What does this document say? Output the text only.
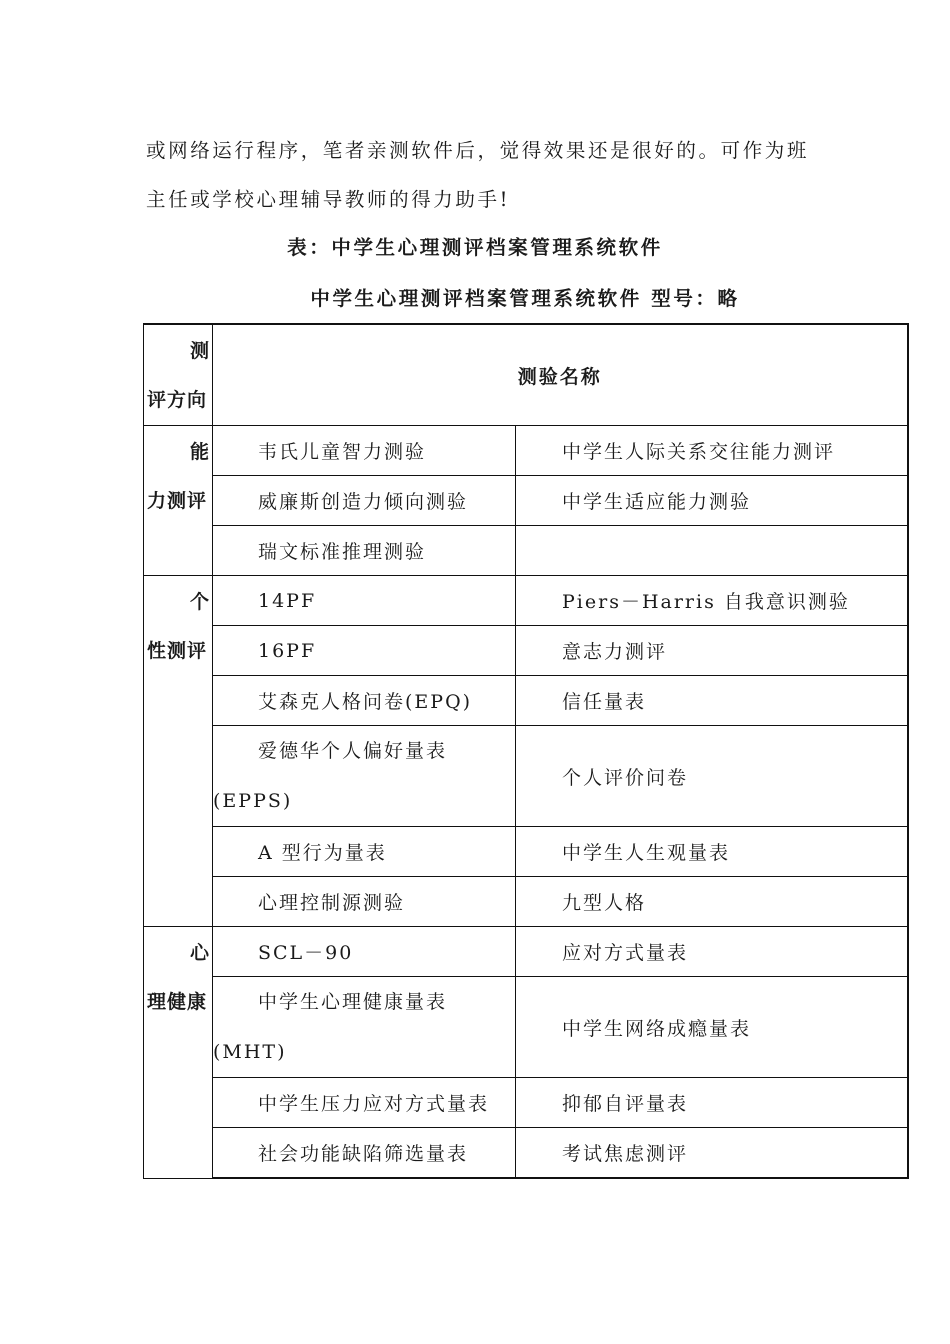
或网络运行程序，笔者亲测软件后，觉得效果还是很好的。可作为班
主任或学校心理辅导教师的得力助手!
表：中学生心理测评档案管理系统软件
中学生心理测评档案管理系统软件 型号：略
测
评方向	测验名称	

能
力测评	韦氏儿童智力测验	中学生人际关系交往能力测评
	威廉斯创造力倾向测验	中学生适应能力测验
	瑞文标准推理测验	

个
性测评	14PF	Piers－Harris 自我意识测验
	16PF	意志力测评
	艾森克人格问卷(EPQ)	信任量表

	爱德华个人偏好量表
(EPPS)	个人评价问卷
	A 型行为量表	中学生人生观量表
	心理控制源测验	九型人格

心
理健康	SCL－90	应对方式量表

	中学生心理健康量表
(MHT)	中学生网络成瘾量表
	中学生压力应对方式量表	抑郁自评量表
	社会功能缺陷筛选量表	考试焦虑测评
